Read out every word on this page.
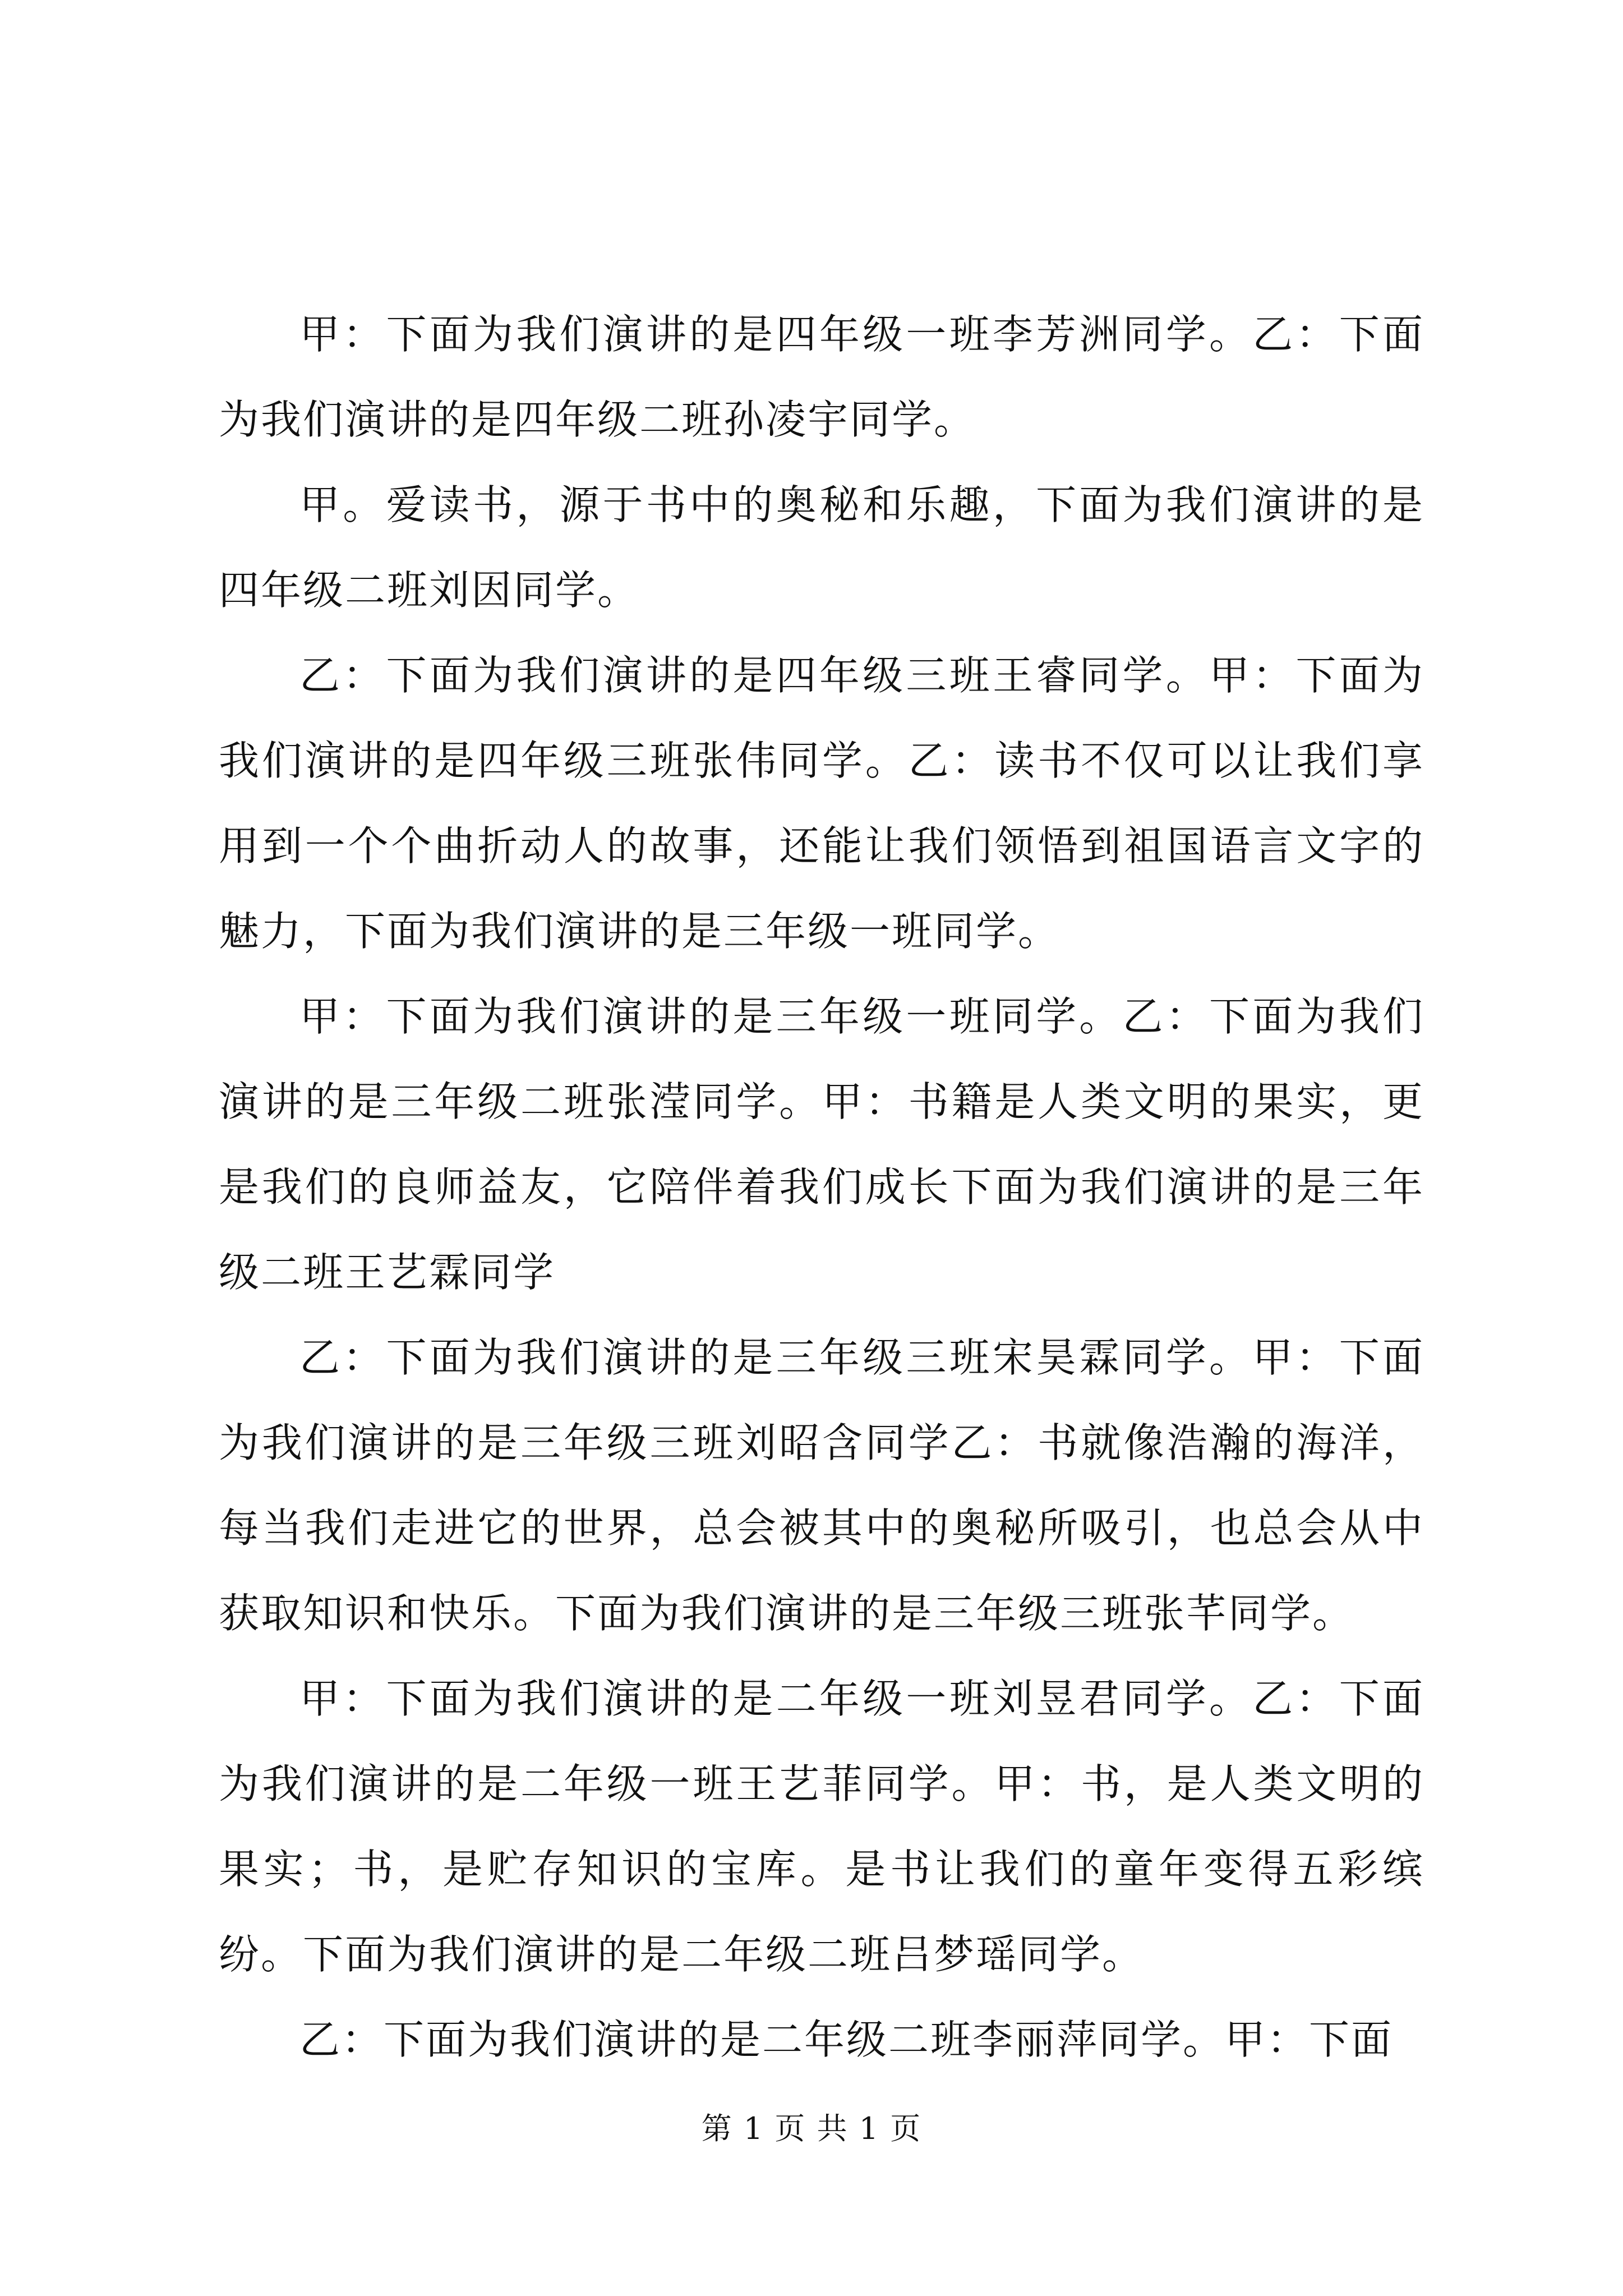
甲：下面为我们演讲的是四年级一班李芳洲同学。乙：下面为我们演讲的是四年级二班孙凌宇同学。

甲。爱读书，源于书中的奥秘和乐趣，下面为我们演讲的是四年级二班刘因同学。

乙：下面为我们演讲的是四年级三班王睿同学。甲：下面为我们演讲的是四年级三班张伟同学。乙：读书不仅可以让我们享用到一个个曲折动人的故事，还能让我们领悟到祖国语言文字的魅力，下面为我们演讲的是三年级一班同学。

甲：下面为我们演讲的是三年级一班同学。乙：下面为我们演讲的是三年级二班张滢同学。甲：书籍是人类文明的果实，更是我们的良师益友，它陪伴着我们成长下面为我们演讲的是三年级二班王艺霖同学

乙：下面为我们演讲的是三年级三班宋昊霖同学。甲：下面为我们演讲的是三年级三班刘昭含同学乙：书就像浩瀚的海洋，每当我们走进它的世界，总会被其中的奥秘所吸引，也总会从中获取知识和快乐。下面为我们演讲的是三年级三班张芊同学。

甲：下面为我们演讲的是二年级一班刘昱君同学。乙：下面为我们演讲的是二年级一班王艺菲同学。甲：书，是人类文明的果实；书，是贮存知识的宝库。是书让我们的童年变得五彩缤纷。下面为我们演讲的是二年级二班吕梦瑶同学。

乙：下面为我们演讲的是二年级二班李丽萍同学。甲：下面

第 1 页 共 1 页
